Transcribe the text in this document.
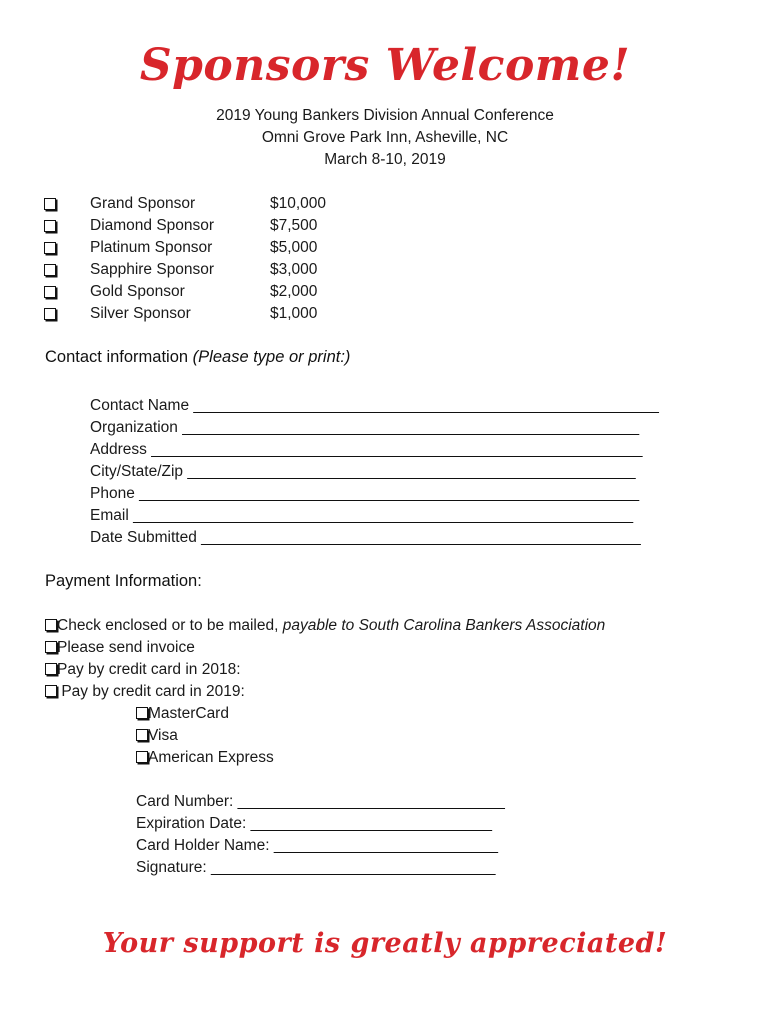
Sponsors Welcome!
2019 Young Bankers Division Annual Conference
Omni Grove Park Inn, Asheville, NC
March 8-10, 2019
Grand Sponsor	$10,000
Diamond Sponsor	$7,500
Platinum Sponsor	$5,000
Sapphire Sponsor	$3,000
Gold Sponsor	$2,000
Silver Sponsor	$1,000
Contact information (Please type or print:)
Contact Name ______________________________________________________
Organization _____________________________________________________
Address _________________________________________________________
City/State/Zip ____________________________________________________
Phone __________________________________________________________
Email __________________________________________________________
Date Submitted ___________________________________________________
Payment Information:
Check enclosed or to be mailed, payable to South Carolina Bankers Association
Please send invoice
Pay by credit card in 2018:
Pay by credit card in 2019:
MasterCard
Visa
American Express
Card Number: _______________________________
Expiration Date: ____________________________
Card Holder Name: __________________________
Signature: _________________________________
Your support is greatly appreciated!
